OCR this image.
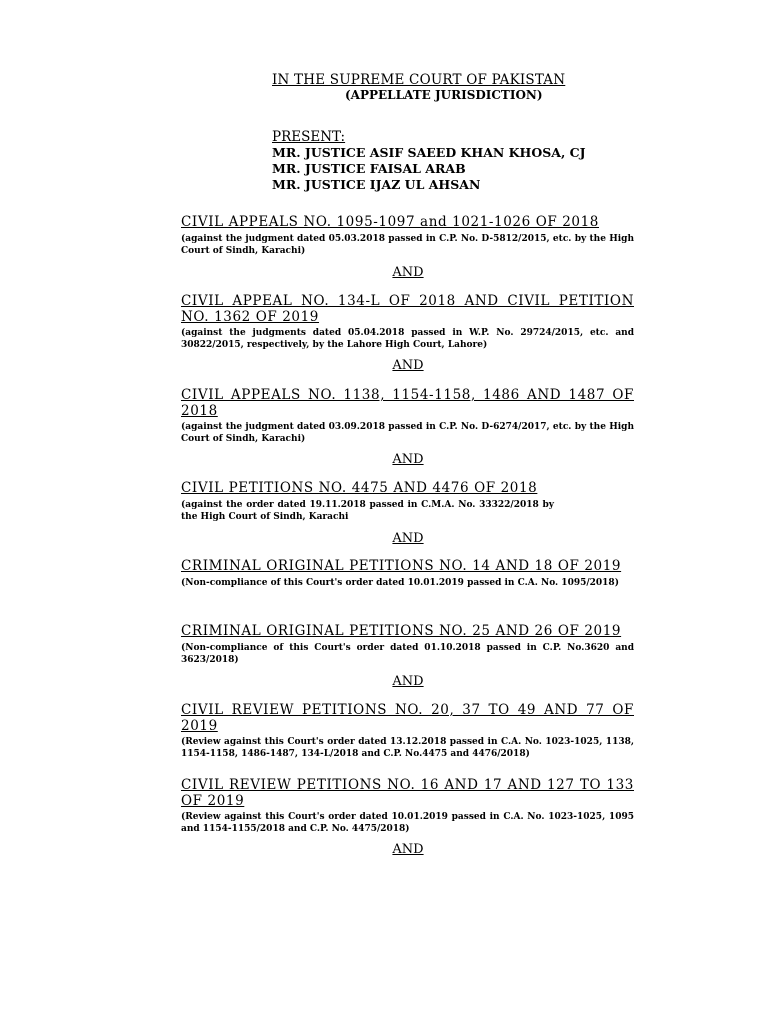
IN THE SUPREME COURT OF PAKISTAN
(APPELLATE JURISDICTION)
PRESENT:
MR. JUSTICE ASIF SAEED KHAN KHOSA, CJ
MR. JUSTICE FAISAL ARAB
MR. JUSTICE IJAZ UL AHSAN
CIVIL APPEALS NO. 1095-1097 and 1021-1026 OF 2018
(against the judgment dated 05.03.2018 passed in C.P. No. D-5812/2015, etc. by the High Court of Sindh, Karachi)
AND
CIVIL APPEAL NO. 134-L OF 2018 AND CIVIL PETITION NO. 1362 OF 2019
(against the judgments dated 05.04.2018 passed in W.P. No. 29724/2015, etc. and 30822/2015, respectively, by the Lahore High Court, Lahore)
AND
CIVIL APPEALS NO. 1138, 1154-1158, 1486 AND 1487 OF 2018
(against the judgment dated 03.09.2018 passed in C.P. No. D-6274/2017, etc. by the High Court of Sindh, Karachi)
AND
CIVIL PETITIONS NO. 4475 AND 4476 OF 2018
(against the order dated 19.11.2018 passed in C.M.A. No. 33322/2018 by the High Court of Sindh, Karachi
AND
CRIMINAL ORIGINAL PETITIONS NO. 14 AND 18 OF 2019
(Non-compliance of this Court's order dated 10.01.2019 passed in C.A. No. 1095/2018)
CRIMINAL ORIGINAL PETITIONS NO. 25 AND 26 OF 2019
(Non-compliance of this Court's order dated 01.10.2018 passed in C.P. No.3620 and 3623/2018)
AND
CIVIL REVIEW PETITIONS NO. 20, 37 TO 49 AND 77 OF 2019
(Review against this Court's order dated 13.12.2018 passed in C.A. No. 1023-1025, 1138, 1154-1158, 1486-1487, 134-L/2018 and C.P. No.4475 and 4476/2018)
CIVIL REVIEW PETITIONS NO. 16 AND 17 AND 127 TO 133 OF 2019
(Review against this Court's order dated 10.01.2019 passed in C.A. No. 1023-1025, 1095 and 1154-1155/2018 and C.P. No. 4475/2018)
AND
